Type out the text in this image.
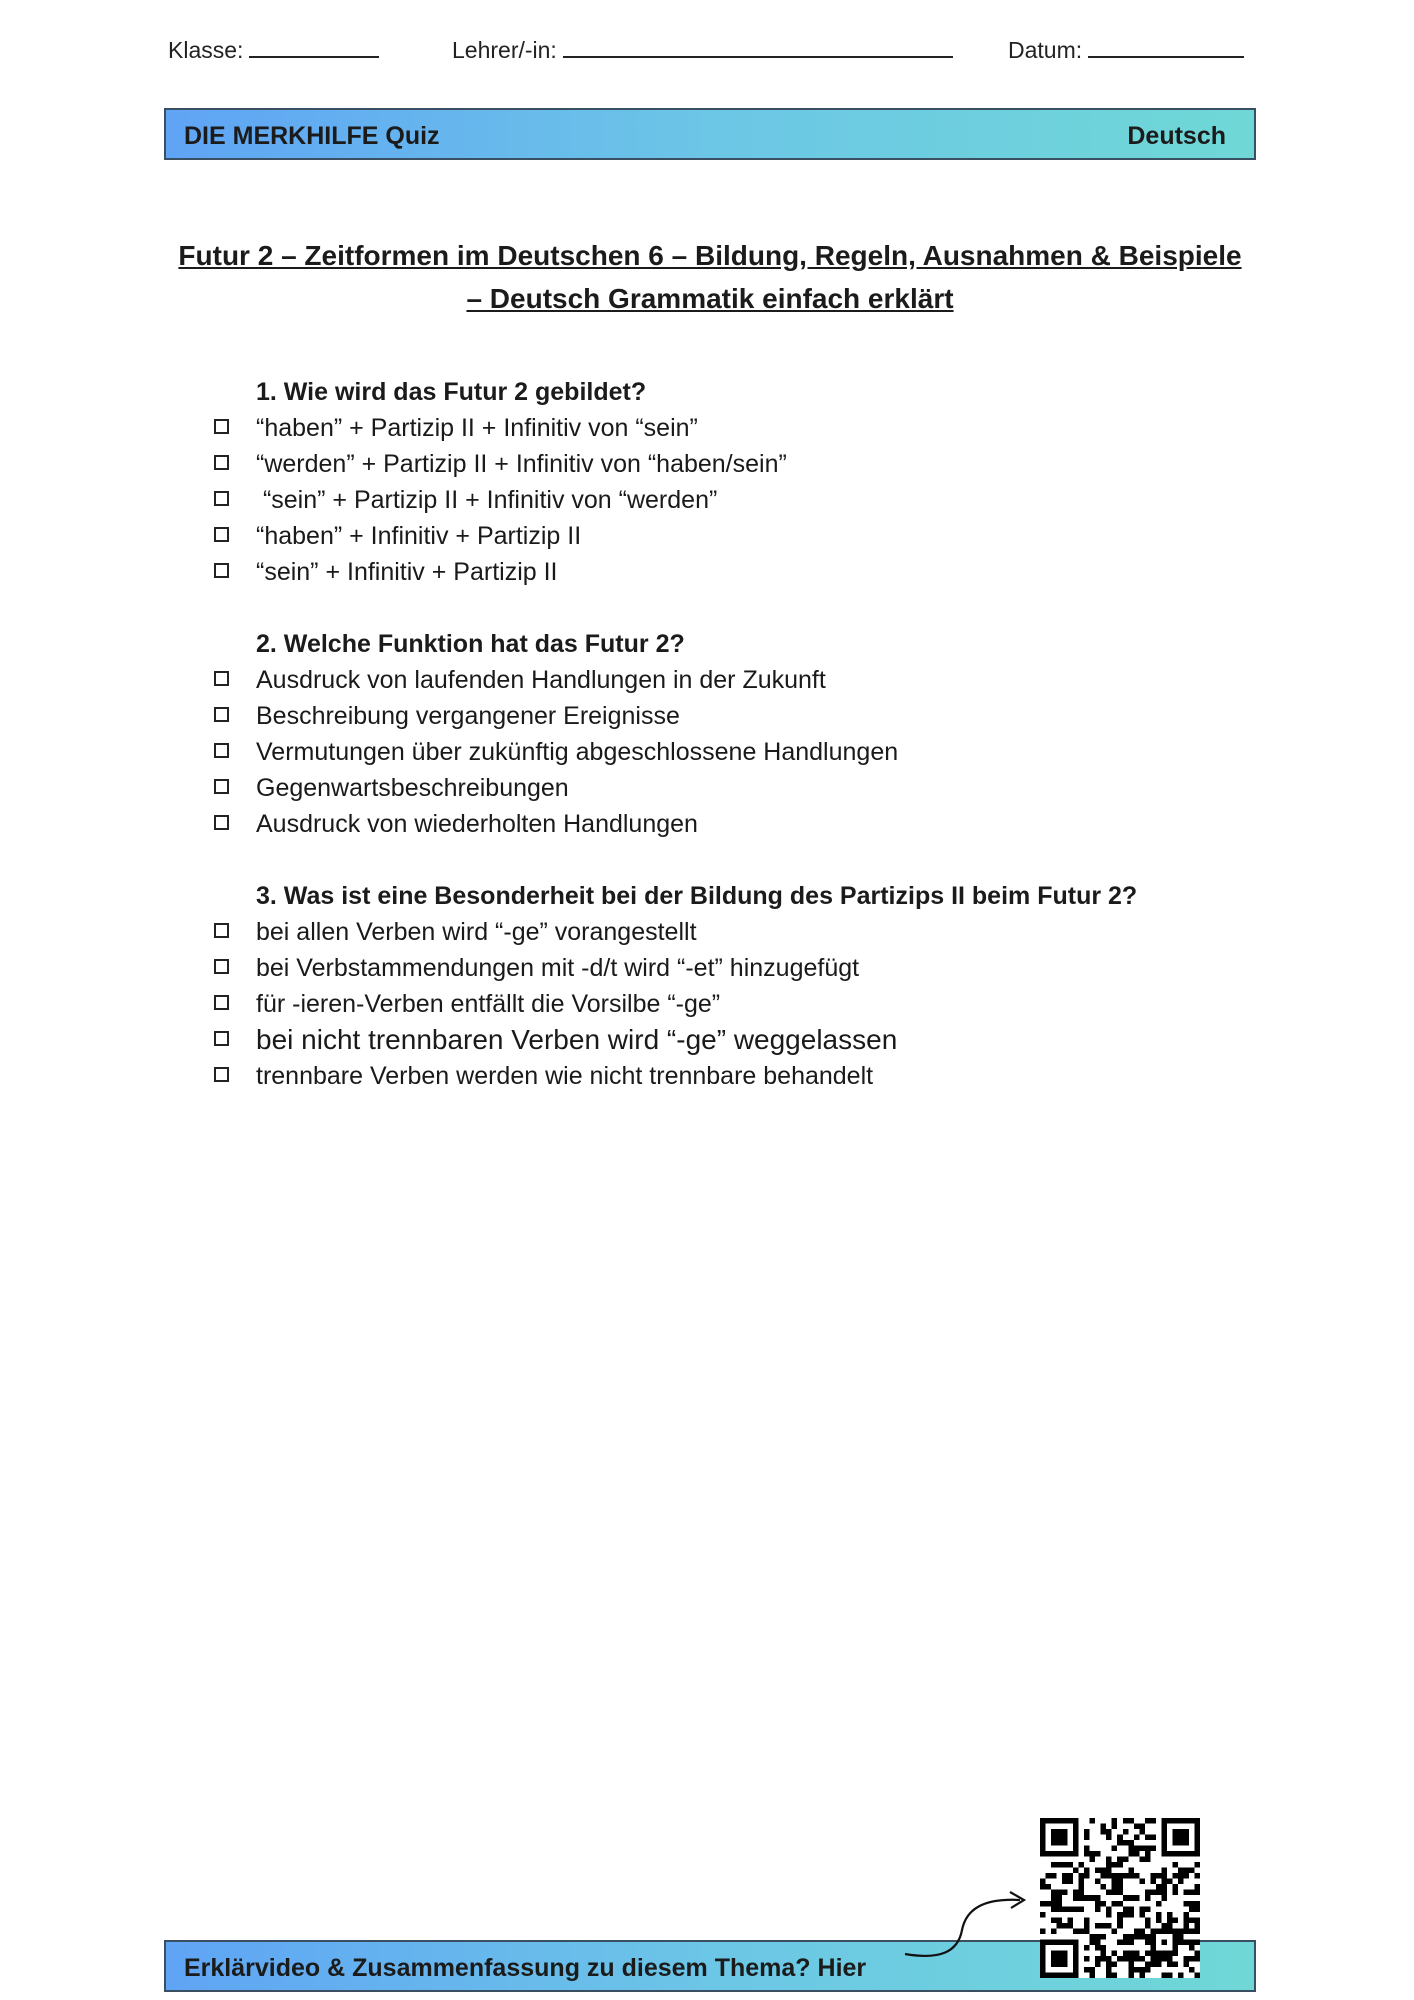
Klasse:	Lehrer/-in:	Datum:
DIE MERKHILFE Quiz	Deutsch
Futur 2 – Zeitformen im Deutschen 6 – Bildung, Regeln, Ausnahmen & Beispiele
– Deutsch Grammatik einfach erklärt
1. Wie wird das Futur 2 gebildet?
“haben” + Partizip II + Infinitiv von “sein”
“werden” + Partizip II + Infinitiv von “haben/sein”
“sein” + Partizip II + Infinitiv von “werden”
“haben” + Infinitiv + Partizip II
“sein” + Infinitiv + Partizip II
2. Welche Funktion hat das Futur 2?
Ausdruck von laufenden Handlungen in der Zukunft
Beschreibung vergangener Ereignisse
Vermutungen über zukünftig abgeschlossene Handlungen
Gegenwartsbeschreibungen
Ausdruck von wiederholten Handlungen
3. Was ist eine Besonderheit bei der Bildung des Partizips II beim Futur 2?
bei allen Verben wird “-ge” vorangestellt
bei Verbstammendungen mit -d/t wird “-et” hinzugefügt
für -ieren-Verben entfällt die Vorsilbe “-ge”
bei nicht trennbaren Verben wird “-ge” weggelassen
trennbare Verben werden wie nicht trennbare behandelt
Erklärvideo & Zusammenfassung zu diesem Thema? Hier
